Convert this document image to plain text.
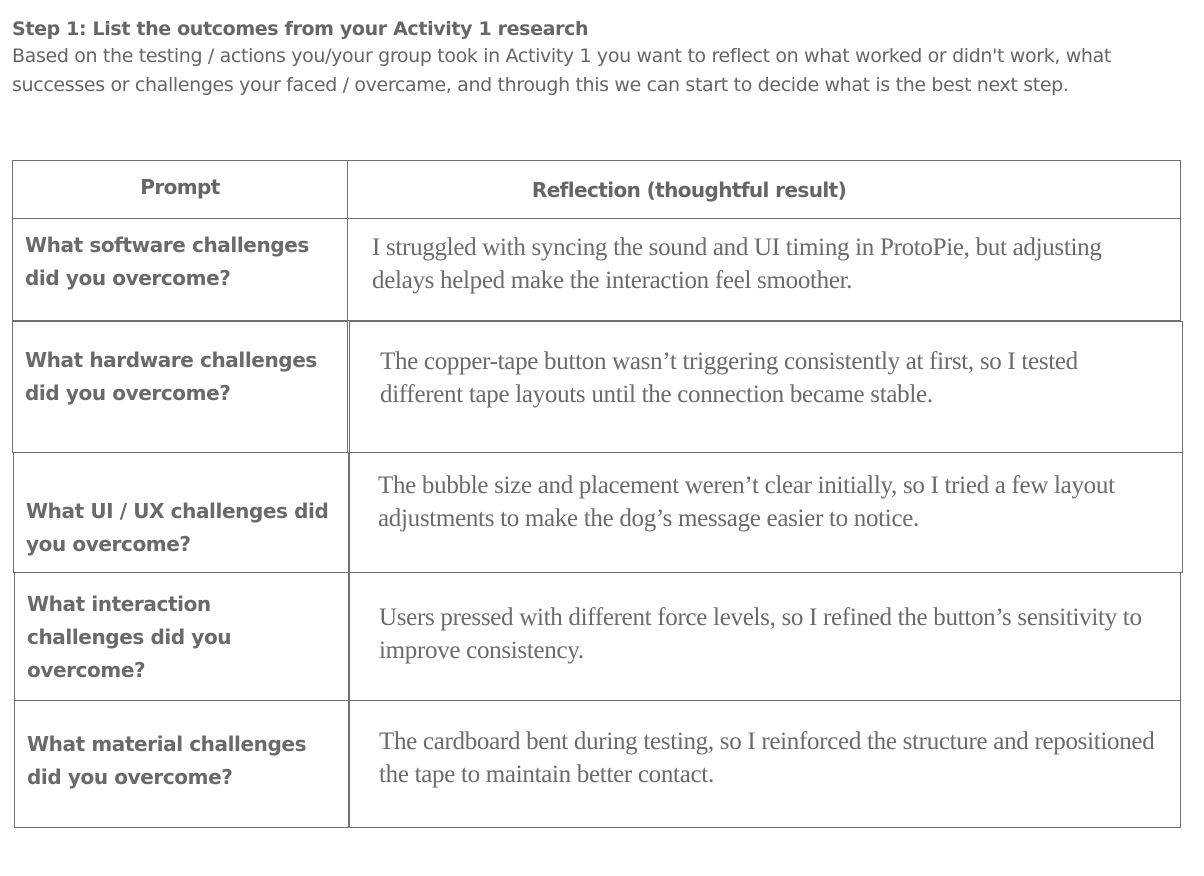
Step 1: List the outcomes from your Activity 1 research
Based on the testing / actions you/your group took in Activity 1 you want to reflect on what worked or didn't work, what successes or challenges your faced / overcame, and through this we can start to decide what is the best next step.
Prompt	Reflection (thoughtful result)
What software challenges did you overcome?
I struggled with syncing the sound and UI timing in ProtoPie, but adjusting delays helped make the interaction feel smoother.
What hardware challenges did you overcome?
The copper-tape button wasn’t triggering consistently at first, so I tested different tape layouts until the connection became stable.
What UI / UX challenges did you overcome?
The bubble size and placement weren’t clear initially, so I tried a few layout adjustments to make the dog’s message easier to notice.
What interaction challenges did you overcome?
Users pressed with different force levels, so I refined the button’s sensitivity to improve consistency.
What material challenges did you overcome?
The cardboard bent during testing, so I reinforced the structure and repositioned the tape to maintain better contact.
